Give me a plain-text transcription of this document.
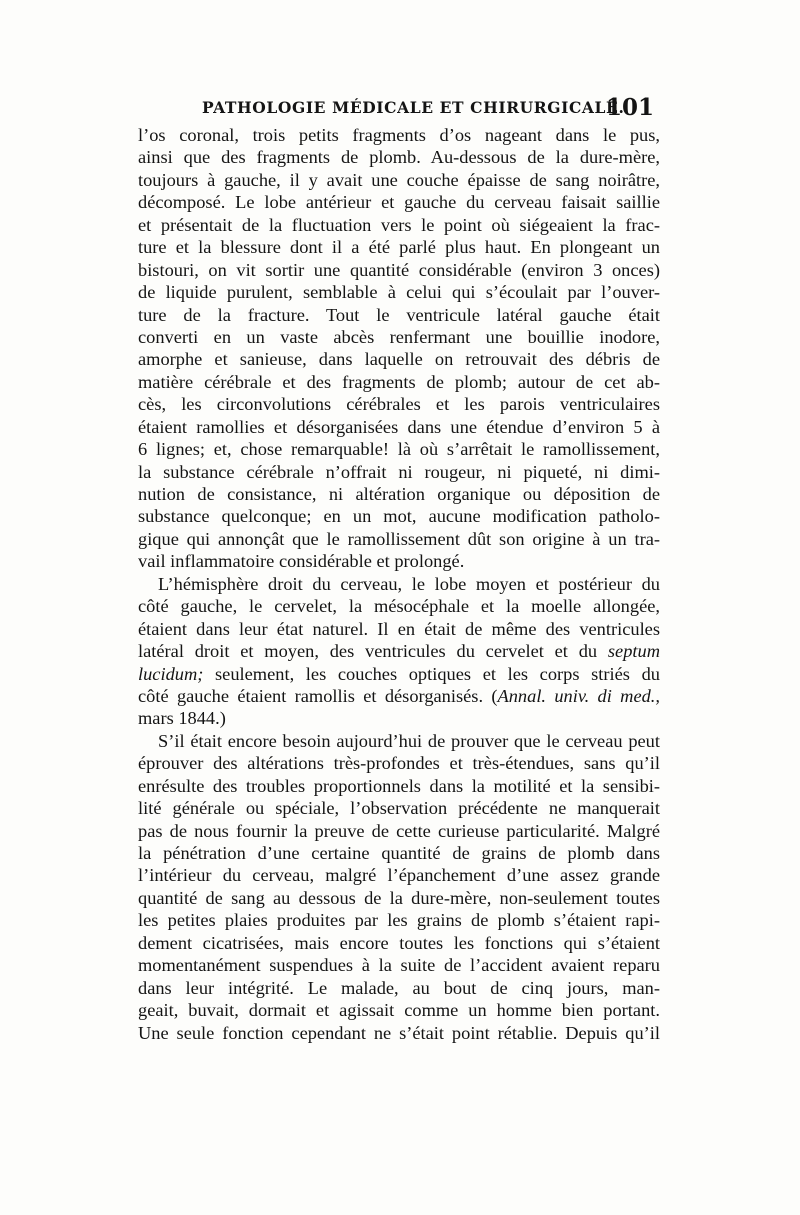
PATHOLOGIE MÉDICALE ET CHIRURGICALE.
101
l’os coronal, trois petits fragments d’os nageant dans le pus,
ainsi que des fragments de plomb. Au-dessous de la dure-mère,
toujours à gauche, il y avait une couche épaisse de sang noirâtre,
décomposé. Le lobe antérieur et gauche du cerveau faisait saillie
et présentait de la fluctuation vers le point où siégeaient la frac-
ture et la blessure dont il a été parlé plus haut. En plongeant un
bistouri, on vit sortir une quantité considérable (environ 3 onces)
de liquide purulent, semblable à celui qui s’écoulait par l’ouver-
ture de la fracture. Tout le ventricule latéral gauche était
converti en un vaste abcès renfermant une bouillie inodore,
amorphe et sanieuse, dans laquelle on retrouvait des débris de
matière cérébrale et des fragments de plomb; autour de cet ab-
cès, les circonvolutions cérébrales et les parois ventriculaires
étaient ramollies et désorganisées dans une étendue d’environ 5 à
6 lignes; et, chose remarquable! là où s’arrêtait le ramollissement,
la substance cérébrale n’offrait ni rougeur, ni piqueté, ni dimi-
nution de consistance, ni altération organique ou déposition de
substance quelconque; en un mot, aucune modification patholo-
gique qui annonçât que le ramollissement dût son origine à un tra-
vail inflammatoire considérable et prolongé.
L’hémisphère droit du cerveau, le lobe moyen et postérieur du
côté gauche, le cervelet, la mésocéphale et la moelle allongée,
étaient dans leur état naturel. Il en était de même des ventricules
latéral droit et moyen, des ventricules du cervelet et du septum
lucidum; seulement, les couches optiques et les corps striés du
côté gauche étaient ramollis et désorganisés. (Annal. univ. di med.,
mars 1844.)
S’il était encore besoin aujourd’hui de prouver que le cerveau peut
éprouver des altérations très-profondes et très-étendues, sans qu’il
enrésulte des troubles proportionnels dans la motilité et la sensibi-
lité générale ou spéciale, l’observation précédente ne manquerait
pas de nous fournir la preuve de cette curieuse particularité. Malgré
la pénétration d’une certaine quantité de grains de plomb dans
l’intérieur du cerveau, malgré l’épanchement d’une assez grande
quantité de sang au dessous de la dure-mère, non-seulement toutes
les petites plaies produites par les grains de plomb s’étaient rapi-
dement cicatrisées, mais encore toutes les fonctions qui s’étaient
momentanément suspendues à la suite de l’accident avaient reparu
dans leur intégrité. Le malade, au bout de cinq jours, man-
geait, buvait, dormait et agissait comme un homme bien portant.
Une seule fonction cependant ne s’était point rétablie. Depuis qu’il
